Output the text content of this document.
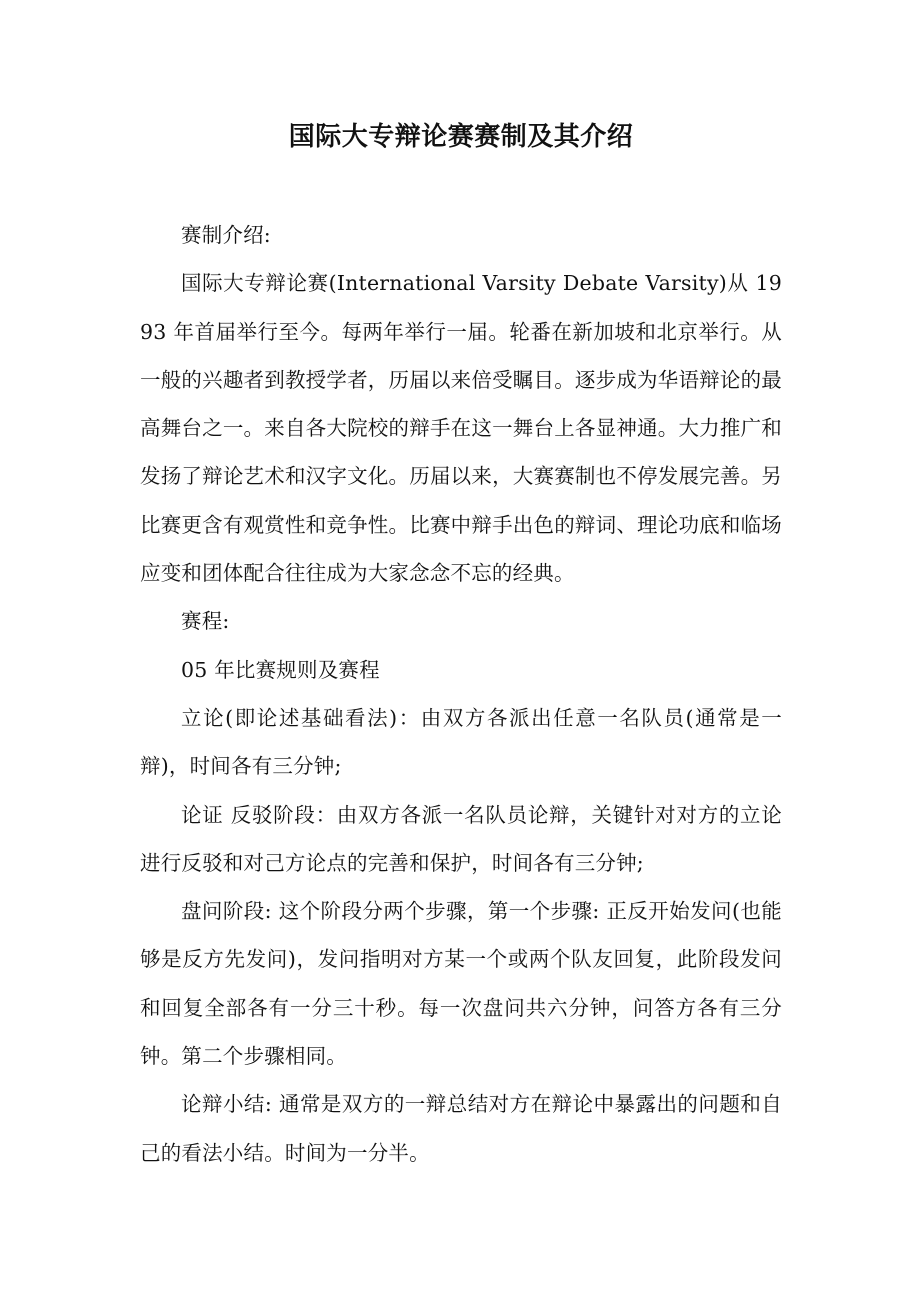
国际大专辩论赛赛制及其介绍

赛制介绍:

国际大专辩论赛(International Varsity Debate Varsity)从 1993 年首届举行至今。每两年举行一届。轮番在新加坡和北京举行。从一般的兴趣者到教授学者，历届以来倍受瞩目。逐步成为华语辩论的最高舞台之一。来自各大院校的辩手在这一舞台上各显神通。大力推广和发扬了辩论艺术和汉字文化。历届以来，大赛赛制也不停发展完善。另比赛更含有观赏性和竞争性。比赛中辩手出色的辩词、理论功底和临场应变和团体配合往往成为大家念念不忘的经典。

赛程:

05 年比赛规则及赛程

立论(即论述基础看法)：由双方各派出任意一名队员(通常是一辩)，时间各有三分钟;

论证 反驳阶段：由双方各派一名队员论辩，关键针对对方的立论进行反驳和对己方论点的完善和保护，时间各有三分钟;

盘问阶段: 这个阶段分两个步骤，第一个步骤: 正反开始发问(也能够是反方先发问)，发问指明对方某一个或两个队友回复，此阶段发问和回复全部各有一分三十秒。每一次盘问共六分钟，问答方各有三分钟。第二个步骤相同。

论辩小结: 通常是双方的一辩总结对方在辩论中暴露出的问题和自己的看法小结。时间为一分半。
